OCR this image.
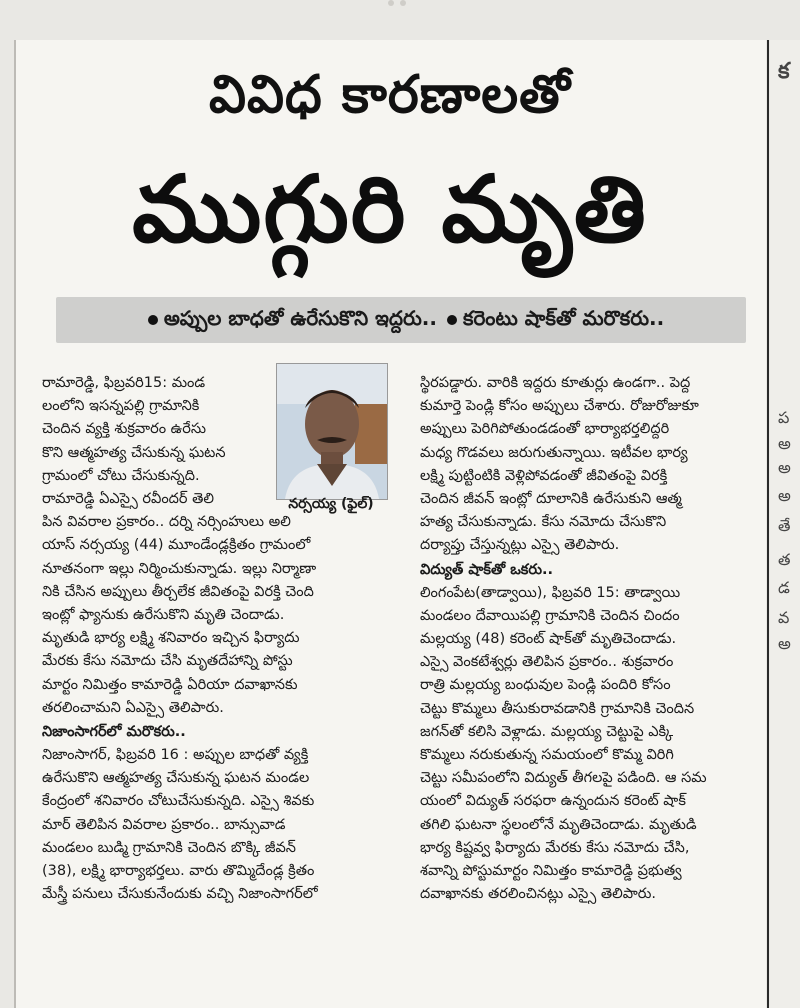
క
ప
అ
అ
అ
తే
త
డ
వ
అ
వివిధ కారణాలతో
ముగ్గురి మృతి
అప్పుల బాధతో ఉరేసుకొని ఇద్దరు.. కరెంటు షాక్‌తో మరొకరు..
నర్సయ్య (ఫైల్)

రామారెడ్డి, ఫిబ్రవరి15: మండ

లంలోని ఇసన్నపల్లి గ్రామానికి

చెందిన వ్యక్తి శుక్రవారం ఉరేసు

కొని ఆత్మహత్య చేసుకున్న ఘటన

గ్రామంలో చోటు చేసుకున్నది.

రామారెడ్డి ఏఎస్సై రవీందర్ తెలి

పిన వివరాల ప్రకారం.. దర్ని నర్సింహులు అలి

యాస్ నర్సయ్య (44) మూండేండ్లక్రితం గ్రామంలో

నూతనంగా ఇల్లు నిర్మించుకున్నాడు. ఇల్లు నిర్మాణా

నికి చేసిన అప్పులు తీర్చలేక జీవితంపై విరక్తి చెంది

ఇంట్లో ఫ్యానుకు ఉరేసుకొని మృతి చెందాడు.

మృతుడి భార్య లక్ష్మి శనివారం ఇచ్చిన ఫిర్యాదు

మేరకు కేసు నమోదు చేసి మృతదేహాన్ని పోస్టు

మార్టం నిమిత్తం కామారెడ్డి ఏరియా దవాఖానకు

తరలించామని ఏఎస్సై తెలిపారు.

నిజాంసాగర్‌లో మరొకరు..

నిజాంసాగర్, ఫిబ్రవరి 16 : అప్పుల బాధతో వ్యక్తి

ఉరేసుకొని ఆత్మహత్య చేసుకున్న ఘటన మండల

కేంద్రంలో శనివారం చోటుచేసుకున్నది. ఎస్సై శివకు

మార్ తెలిపిన వివరాల ప్రకారం.. బాన్సువాడ

మండలం బుడ్మి గ్రామానికి చెందిన బొక్కి జీవన్

(38), లక్ష్మి భార్యాభర్తలు. వారు తొమ్మిదేండ్ల క్రితం

మేస్త్రీ పనులు చేసుకునేందుకు వచ్చి నిజాంసాగర్‌లో

స్థిరపడ్డారు. వారికి ఇద్దరు కూతుర్లు ఉండగా.. పెద్ద

కుమార్తె పెండ్లి కోసం అప్పులు చేశారు. రోజురోజుకూ

అప్పులు పెరిగిపోతుండడంతో భార్యాభర్తలిద్దరి

మధ్య గొడవలు జరుగుతున్నాయి. ఇటీవల భార్య

లక్ష్మి పుట్టింటికి వెళ్లిపోవడంతో జీవితంపై విరక్తి

చెందిన జీవన్ ఇంట్లో దూలానికి ఉరేసుకుని ఆత్మ

హత్య చేసుకున్నాడు. కేసు నమోదు చేసుకొని

దర్యాప్తు చేస్తున్నట్లు ఎస్సై తెలిపారు.

విద్యుత్ షాక్‌తో ఒకరు..

లింగంపేట(తాడ్వాయి), ఫిబ్రవరి 15: తాడ్వాయి

మండలం దేవాయిపల్లి గ్రామానికి చెందిన చిందం

మల్లయ్య (48) కరెంట్ షాక్‌తో మృతిచెందాడు.

ఎస్సై వెంకటేశ్వర్లు తెలిపిన ప్రకారం.. శుక్రవారం

రాత్రి మల్లయ్య బంధువుల పెండ్లి పందిరి కోసం

చెట్టు కొమ్మలు తీసుకురావడానికి గ్రామానికి చెందిన

జగన్‌తో కలిసి వెళ్లాడు. మల్లయ్య చెట్టుపై ఎక్కి

కొమ్మలు నరుకుతున్న సమయంలో కొమ్మ విరిగి

చెట్టు సమీపంలోని విద్యుత్ తీగలపై పడింది. ఆ సమ

యంలో విద్యుత్ సరఫరా ఉన్నందున కరెంట్ షాక్

తగిలి ఘటనా స్థలంలోనే మృతిచెందాడు. మృతుడి

భార్య కిష్టవ్వ ఫిర్యాదు మేరకు కేసు నమోదు చేసి,

శవాన్ని పోస్టుమార్టం నిమిత్తం కామారెడ్డి ప్రభుత్వ

దవాఖానకు తరలించినట్లు ఎస్సై తెలిపారు.
